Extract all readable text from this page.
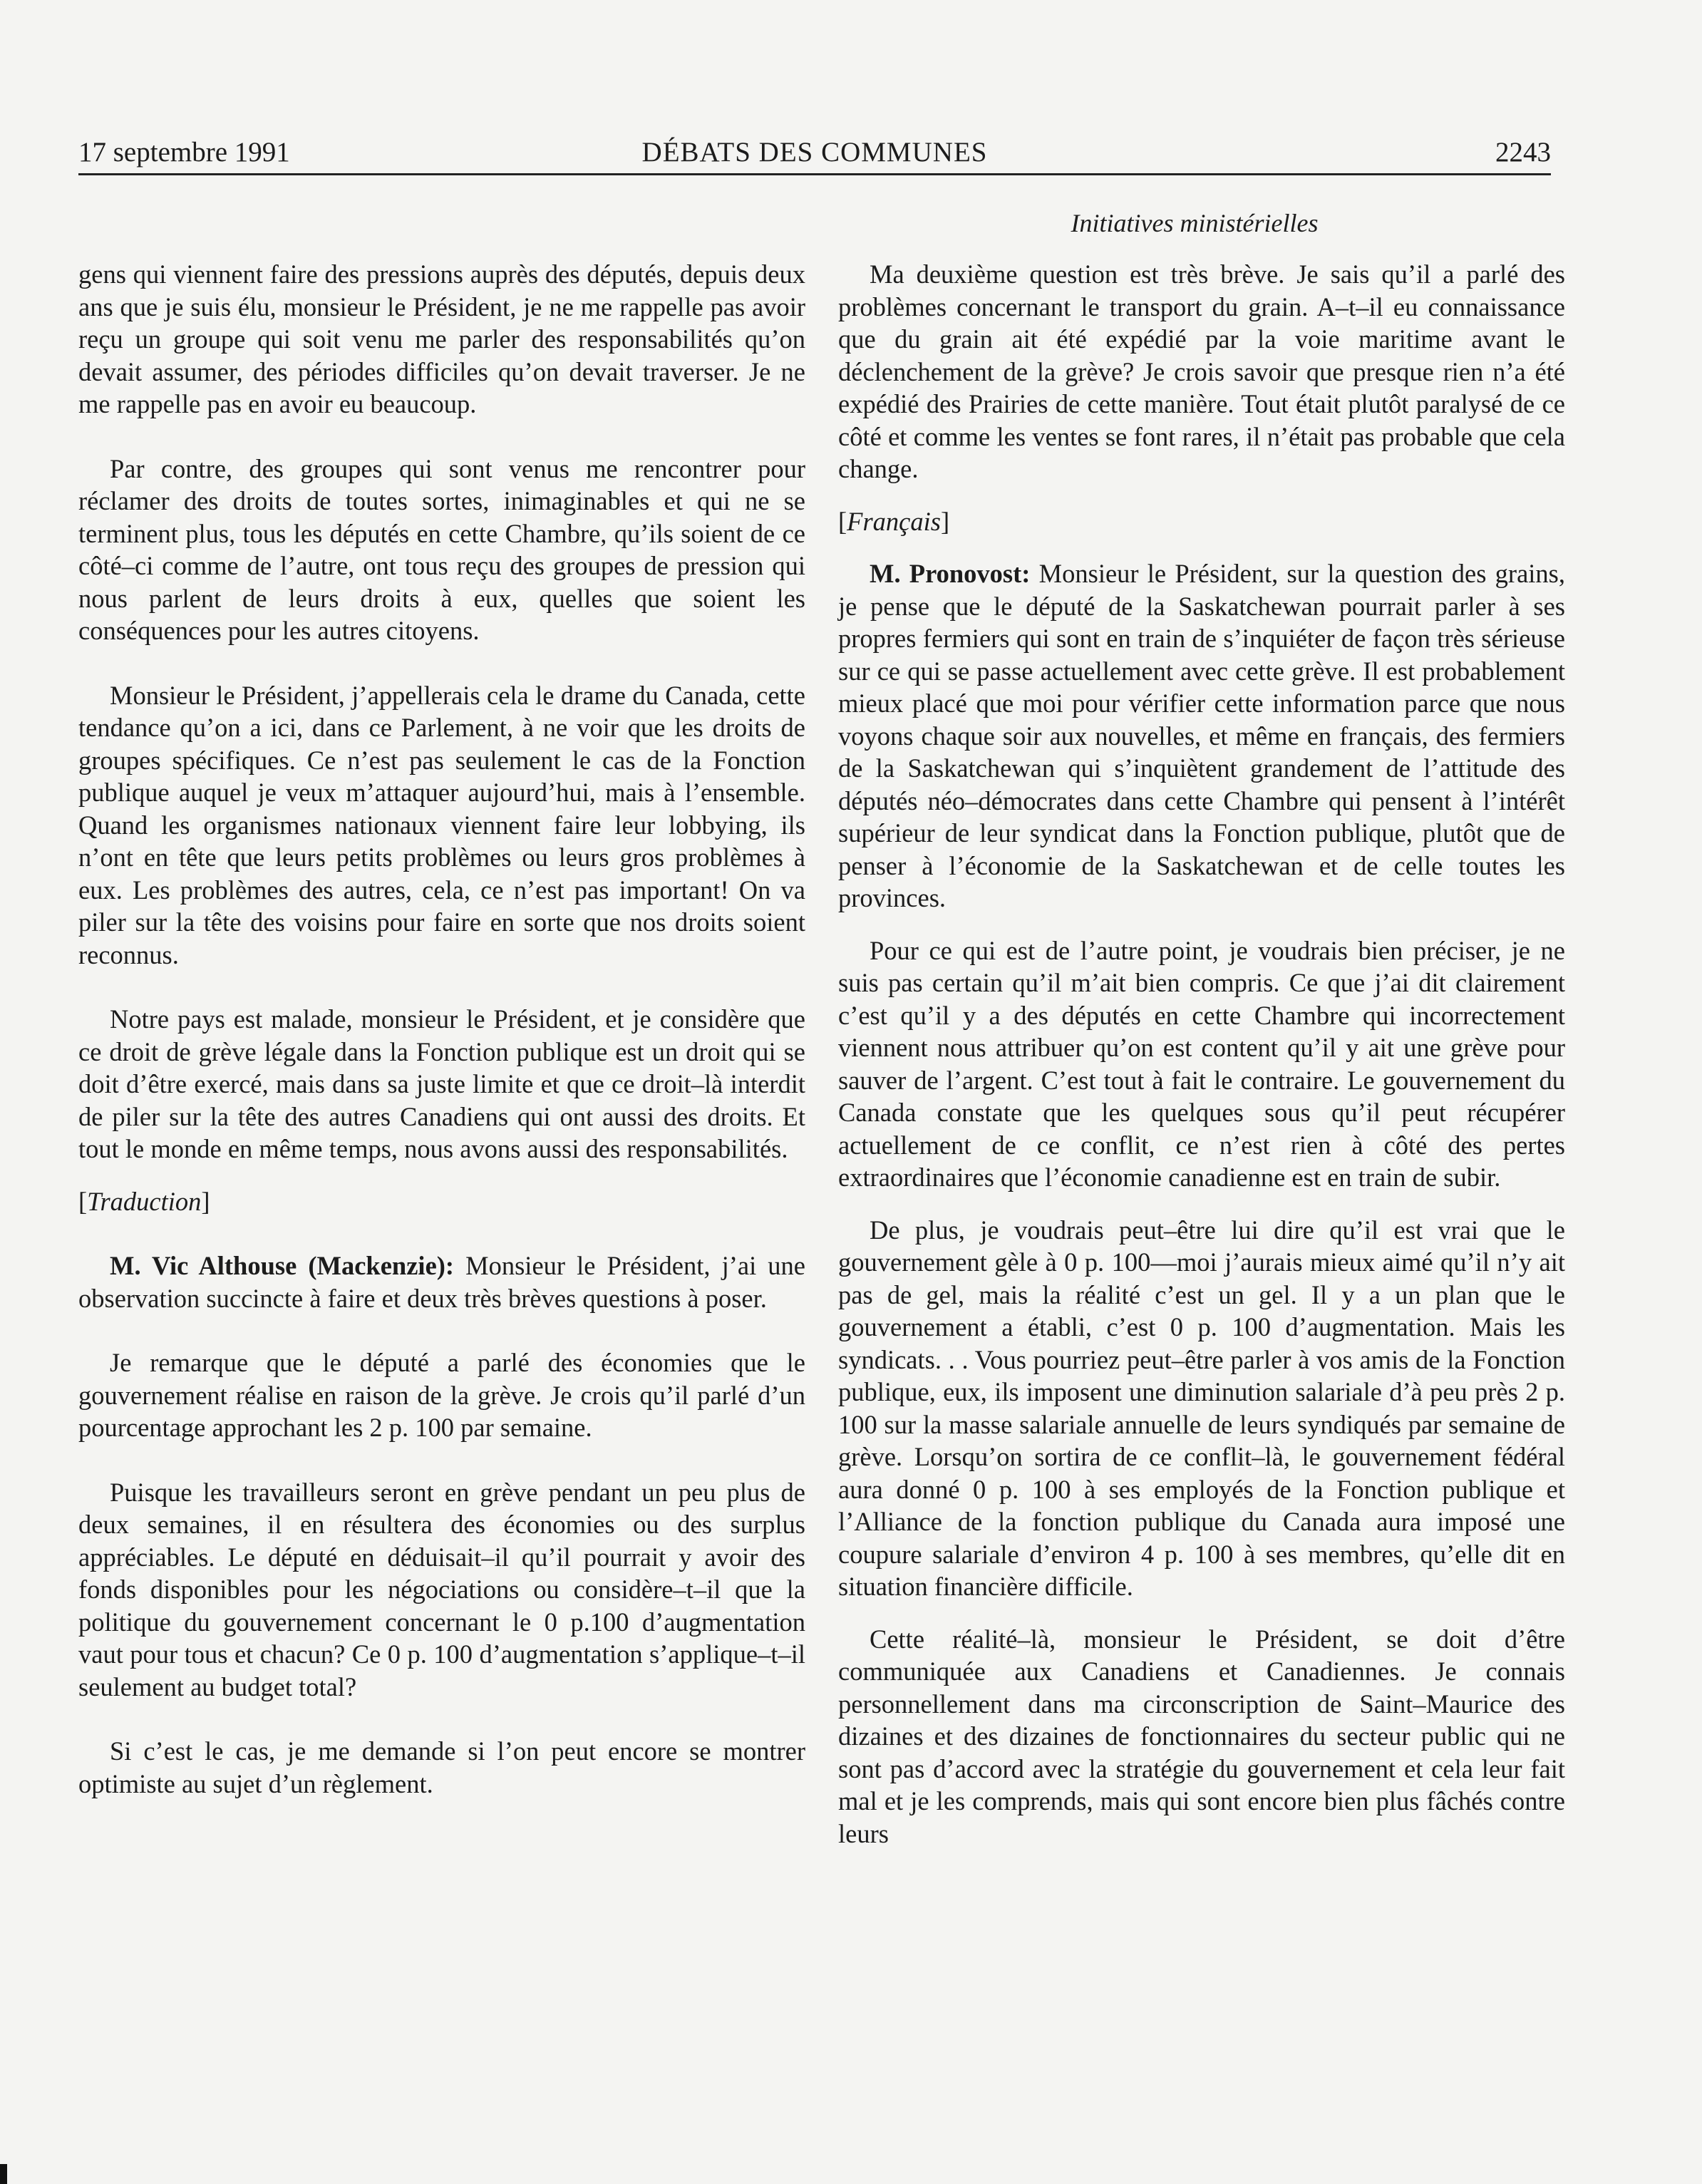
17 septembre 1991	DÉBATS DES COMMUNES	2243
Initiatives ministérielles

gens qui viennent faire des pressions auprès des députés, depuis deux ans que je suis élu, monsieur le Président, je ne me rappelle pas avoir reçu un groupe qui soit venu me parler des responsabilités qu’on devait assumer, des périodes difficiles qu’on devait traverser. Je ne me rappelle pas en avoir eu beaucoup.

Par contre, des groupes qui sont venus me rencontrer pour réclamer des droits de toutes sortes, inimaginables et qui ne se terminent plus, tous les députés en cette Chambre, qu’ils soient de ce côté–ci comme de l’autre, ont tous reçu des groupes de pression qui nous parlent de leurs droits à eux, quelles que soient les conséquences pour les autres citoyens.

Monsieur le Président, j’appellerais cela le drame du Canada, cette tendance qu’on a ici, dans ce Parlement, à ne voir que les droits de groupes spécifiques. Ce n’est pas seulement le cas de la Fonction publique auquel je veux m’attaquer aujourd’hui, mais à l’ensemble. Quand les organismes nationaux viennent faire leur lobbying, ils n’ont en tête que leurs petits problèmes ou leurs gros problèmes à eux. Les problèmes des autres, cela, ce n’est pas important! On va piler sur la tête des voisins pour faire en sorte que nos droits soient reconnus.

Notre pays est malade, monsieur le Président, et je considère que ce droit de grève légale dans la Fonction publique est un droit qui se doit d’être exercé, mais dans sa juste limite et que ce droit–là interdit de piler sur la tête des autres Canadiens qui ont aussi des droits. Et tout le monde en même temps, nous avons aussi des responsabilités.

[Traduction]

M. Vic Althouse (Mackenzie): Monsieur le Président, j’ai une observation succincte à faire et deux très brèves questions à poser.

Je remarque que le député a parlé des économies que le gouvernement réalise en raison de la grève. Je crois qu’il parlé d’un pourcentage approchant les 2 p. 100 par semaine.

Puisque les travailleurs seront en grève pendant un peu plus de deux semaines, il en résultera des économies ou des surplus appréciables. Le député en déduisait–il qu’il pourrait y avoir des fonds disponibles pour les négociations ou considère–t–il que la politique du gouvernement concernant le 0 p.100 d’augmentation vaut pour tous et chacun? Ce 0 p. 100 d’augmentation s’applique–t–il seulement au budget total?

Si c’est le cas, je me demande si l’on peut encore se montrer optimiste au sujet d’un règlement.

Ma deuxième question est très brève. Je sais qu’il a parlé des problèmes concernant le transport du grain. A–t–il eu connaissance que du grain ait été expédié par la voie maritime avant le déclenchement de la grève? Je crois savoir que presque rien n’a été expédié des Prairies de cette manière. Tout était plutôt paralysé de ce côté et comme les ventes se font rares, il n’était pas probable que cela change.

[Français]

M. Pronovost: Monsieur le Président, sur la question des grains, je pense que le député de la Saskatchewan pourrait parler à ses propres fermiers qui sont en train de s’inquiéter de façon très sérieuse sur ce qui se passe actuellement avec cette grève. Il est probablement mieux placé que moi pour vérifier cette information parce que nous voyons chaque soir aux nouvelles, et même en français, des fermiers de la Saskatchewan qui s’inquiètent grandement de l’attitude des députés néo–démocrates dans cette Chambre qui pensent à l’intérêt supérieur de leur syndicat dans la Fonction publique, plutôt que de penser à l’économie de la Saskatchewan et de celle toutes les provinces.

Pour ce qui est de l’autre point, je voudrais bien préciser, je ne suis pas certain qu’il m’ait bien compris. Ce que j’ai dit clairement c’est qu’il y a des députés en cette Chambre qui incorrectement viennent nous attribuer qu’on est content qu’il y ait une grève pour sauver de l’argent. C’est tout à fait le contraire. Le gouvernement du Canada constate que les quelques sous qu’il peut récupérer actuellement de ce conflit, ce n’est rien à côté des pertes extraordinaires que l’économie canadienne est en train de subir.

De plus, je voudrais peut–être lui dire qu’il est vrai que le gouvernement gèle à 0 p. 100—moi j’aurais mieux aimé qu’il n’y ait pas de gel, mais la réalité c’est un gel. Il y a un plan que le gouvernement a établi, c’est 0 p. 100 d’augmentation. Mais les syndicats. . . Vous pourriez peut–être parler à vos amis de la Fonction publique, eux, ils imposent une diminution salariale d’à peu près 2 p. 100 sur la masse salariale annuelle de leurs syndiqués par semaine de grève. Lorsqu’on sortira de ce conflit–là, le gouvernement fédéral aura donné 0 p. 100 à ses employés de la Fonction publique et l’Alliance de la fonction publique du Canada aura imposé une coupure salariale d’environ 4 p. 100 à ses membres, qu’elle dit en situation financière difficile.

Cette réalité–là, monsieur le Président, se doit d’être communiquée aux Canadiens et Canadiennes. Je connais personnellement dans ma circonscription de Saint–Maurice des dizaines et des dizaines de fonctionnaires du secteur public qui ne sont pas d’accord avec la stratégie du gouvernement et cela leur fait mal et je les comprends, mais qui sont encore bien plus fâchés contre leurs
